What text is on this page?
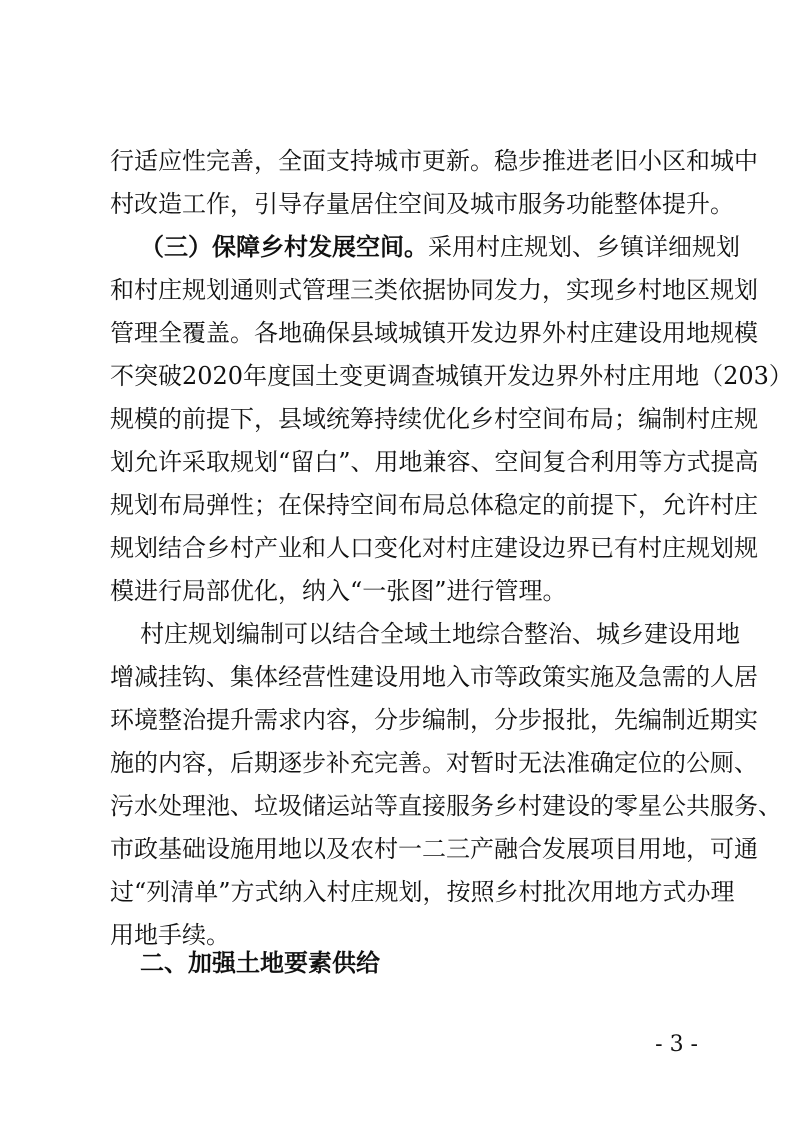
行适应性完善，全面支持城市更新。稳步推进老旧小区和城中
村改造工作，引导存量居住空间及城市服务功能整体提升。
（三）保障乡村发展空间。采用村庄规划、乡镇详细规划
和村庄规划通则式管理三类依据协同发力，实现乡村地区规划
管理全覆盖。各地确保县域城镇开发边界外村庄建设用地规模
不突破2020年度国土变更调查城镇开发边界外村庄用地（203）
规模的前提下，县域统筹持续优化乡村空间布局；编制村庄规
划允许采取规划“留白”、用地兼容、空间复合利用等方式提高
规划布局弹性；在保持空间布局总体稳定的前提下，允许村庄
规划结合乡村产业和人口变化对村庄建设边界已有村庄规划规
模进行局部优化，纳入“一张图”进行管理。
村庄规划编制可以结合全域土地综合整治、城乡建设用地
增减挂钩、集体经营性建设用地入市等政策实施及急需的人居
环境整治提升需求内容，分步编制，分步报批，先编制近期实
施的内容，后期逐步补充完善。对暂时无法准确定位的公厕、
污水处理池、垃圾储运站等直接服务乡村建设的零星公共服务、
市政基础设施用地以及农村一二三产融合发展项目用地，可通
过“列清单”方式纳入村庄规划，按照乡村批次用地方式办理
用地手续。
二、加强土地要素供给
- 3 -
